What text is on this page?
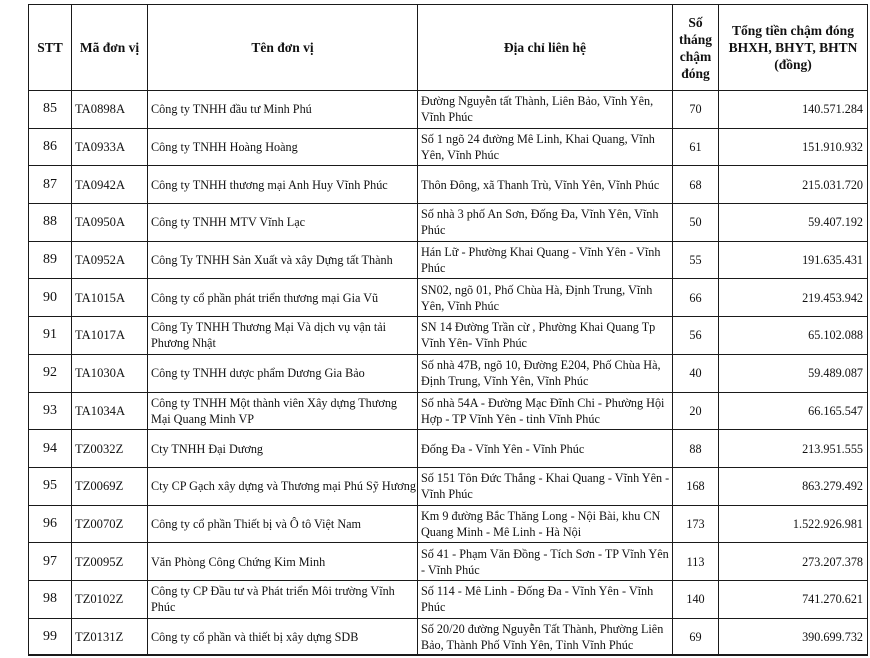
STT	Mã đơn vị	Tên đơn vị	Địa chỉ liên hệ	Số tháng chậm đóng	Tổng tiền chậm đóng BHXH, BHYT, BHTN (đồng)
85	TA0898A	Công ty TNHH đầu tư Minh Phú	Đường Nguyễn tất Thành, Liên Bảo, Vĩnh Yên, Vĩnh Phúc	70	140.571.284
86	TA0933A	Công ty TNHH Hoàng Hoàng	Số 1 ngõ 24 đường Mê Linh, Khai Quang, Vĩnh Yên, Vĩnh Phúc	61	151.910.932
87	TA0942A	Công ty TNHH thương mại Anh Huy Vĩnh Phúc	Thôn Đông, xã Thanh Trù, Vĩnh Yên, Vĩnh Phúc	68	215.031.720
88	TA0950A	Công ty TNHH MTV Vĩnh Lạc	Số nhà 3 phố An Sơn, Đống Đa, Vĩnh Yên, Vĩnh Phúc	50	59.407.192
89	TA0952A	Công Ty TNHH Sản Xuất và xây Dựng tất Thành	Hán Lữ - Phường Khai Quang - Vĩnh Yên - Vĩnh Phúc	55	191.635.431
90	TA1015A	Công ty cổ phần phát triển thương mại Gia Vũ	SN02, ngõ 01, Phố Chùa Hà, Định Trung, Vĩnh Yên, Vĩnh Phúc	66	219.453.942
91	TA1017A	Công Ty TNHH Thương Mại Và dịch vụ vận tải Phương Nhật	SN 14 Đường Trần cừ , Phường Khai Quang Tp Vĩnh Yên- Vĩnh Phúc	56	65.102.088
92	TA1030A	Công ty TNHH dược phẩm Dương Gia Bảo	Số nhà 47B, ngõ 10, Đường E204, Phố Chùa Hà, Định Trung, Vĩnh Yên, Vĩnh Phúc	40	59.489.087
93	TA1034A	Công ty TNHH Một thành viên Xây dựng Thương Mại Quang Minh VP	Số nhà 54A - Đường Mạc Đĩnh Chi - Phường Hội Hợp - TP Vĩnh Yên - tỉnh Vĩnh Phúc	20	66.165.547
94	TZ0032Z	Cty TNHH Đại Dương	Đống Đa - Vĩnh Yên - Vĩnh Phúc	88	213.951.555
95	TZ0069Z	Cty CP Gạch xây dựng và Thương mại Phú Sỹ Hương	Số 151 Tôn Đức Thắng - Khai Quang - Vĩnh Yên - Vĩnh Phúc	168	863.279.492
96	TZ0070Z	Công ty cổ phần Thiết bị và Ô tô Việt Nam	Km 9 đường Bắc Thăng Long - Nội Bài, khu CN Quang Minh - Mê Linh - Hà Nội	173	1.522.926.981
97	TZ0095Z	Văn Phòng Công Chứng Kim Minh	Số 41 - Phạm Văn Đồng - Tích Sơn - TP Vĩnh Yên - Vĩnh Phúc	113	273.207.378
98	TZ0102Z	Công ty CP Đầu tư và Phát triển Môi trường Vĩnh Phúc	Số 114 - Mê Linh - Đống Đa - Vĩnh Yên - Vĩnh Phúc	140	741.270.621
99	TZ0131Z	Công ty cổ phần và thiết bị xây dựng SDB	Số 20/20 đường Nguyễn Tất Thành, Phường Liên Bảo, Thành Phố Vĩnh Yên, Tỉnh Vĩnh Phúc	69	390.699.732
